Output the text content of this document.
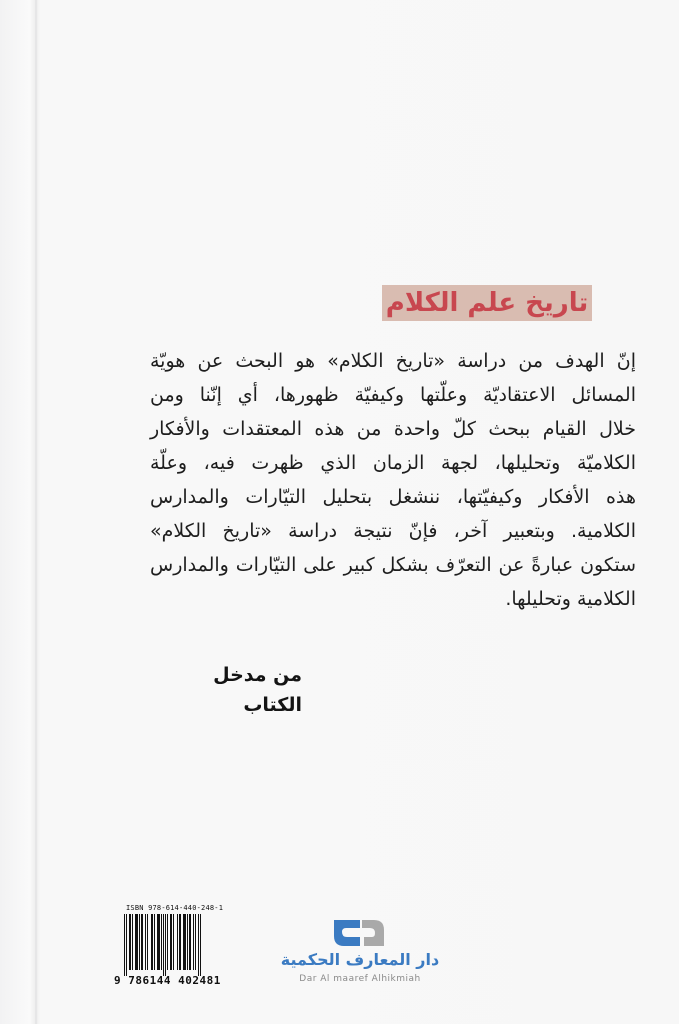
تاريخ علم الكلام
إنّ الهدف من دراسة «تاريخ الكلام» هو البحث عن هويّة
المسائل الاعتقاديّة وعلّتها وكيفيّة ظهورها، أي إنّنا ومن
خلال القيام ببحث كلّ واحدة من هذه المعتقدات والأفكار
الكلاميّة وتحليلها، لجهة الزمان الذي ظهرت فيه، وعلّة
هذه الأفكار وكيفيّتها، ننشغل بتحليل التيّارات والمدارس
الكلامية. وبتعبير آخر، فإنّ نتيجة دراسة «تاريخ الكلام»
ستكون عبارةً عن التعرّف بشكل كبير على التيّارات والمدارس
الكلامية وتحليلها.
من مدخل الكتاب
ISBN 978-614-440-248-1
9 786144 402481
دار المعارف الحكمية
Dar Al maaref Alhikmiah
